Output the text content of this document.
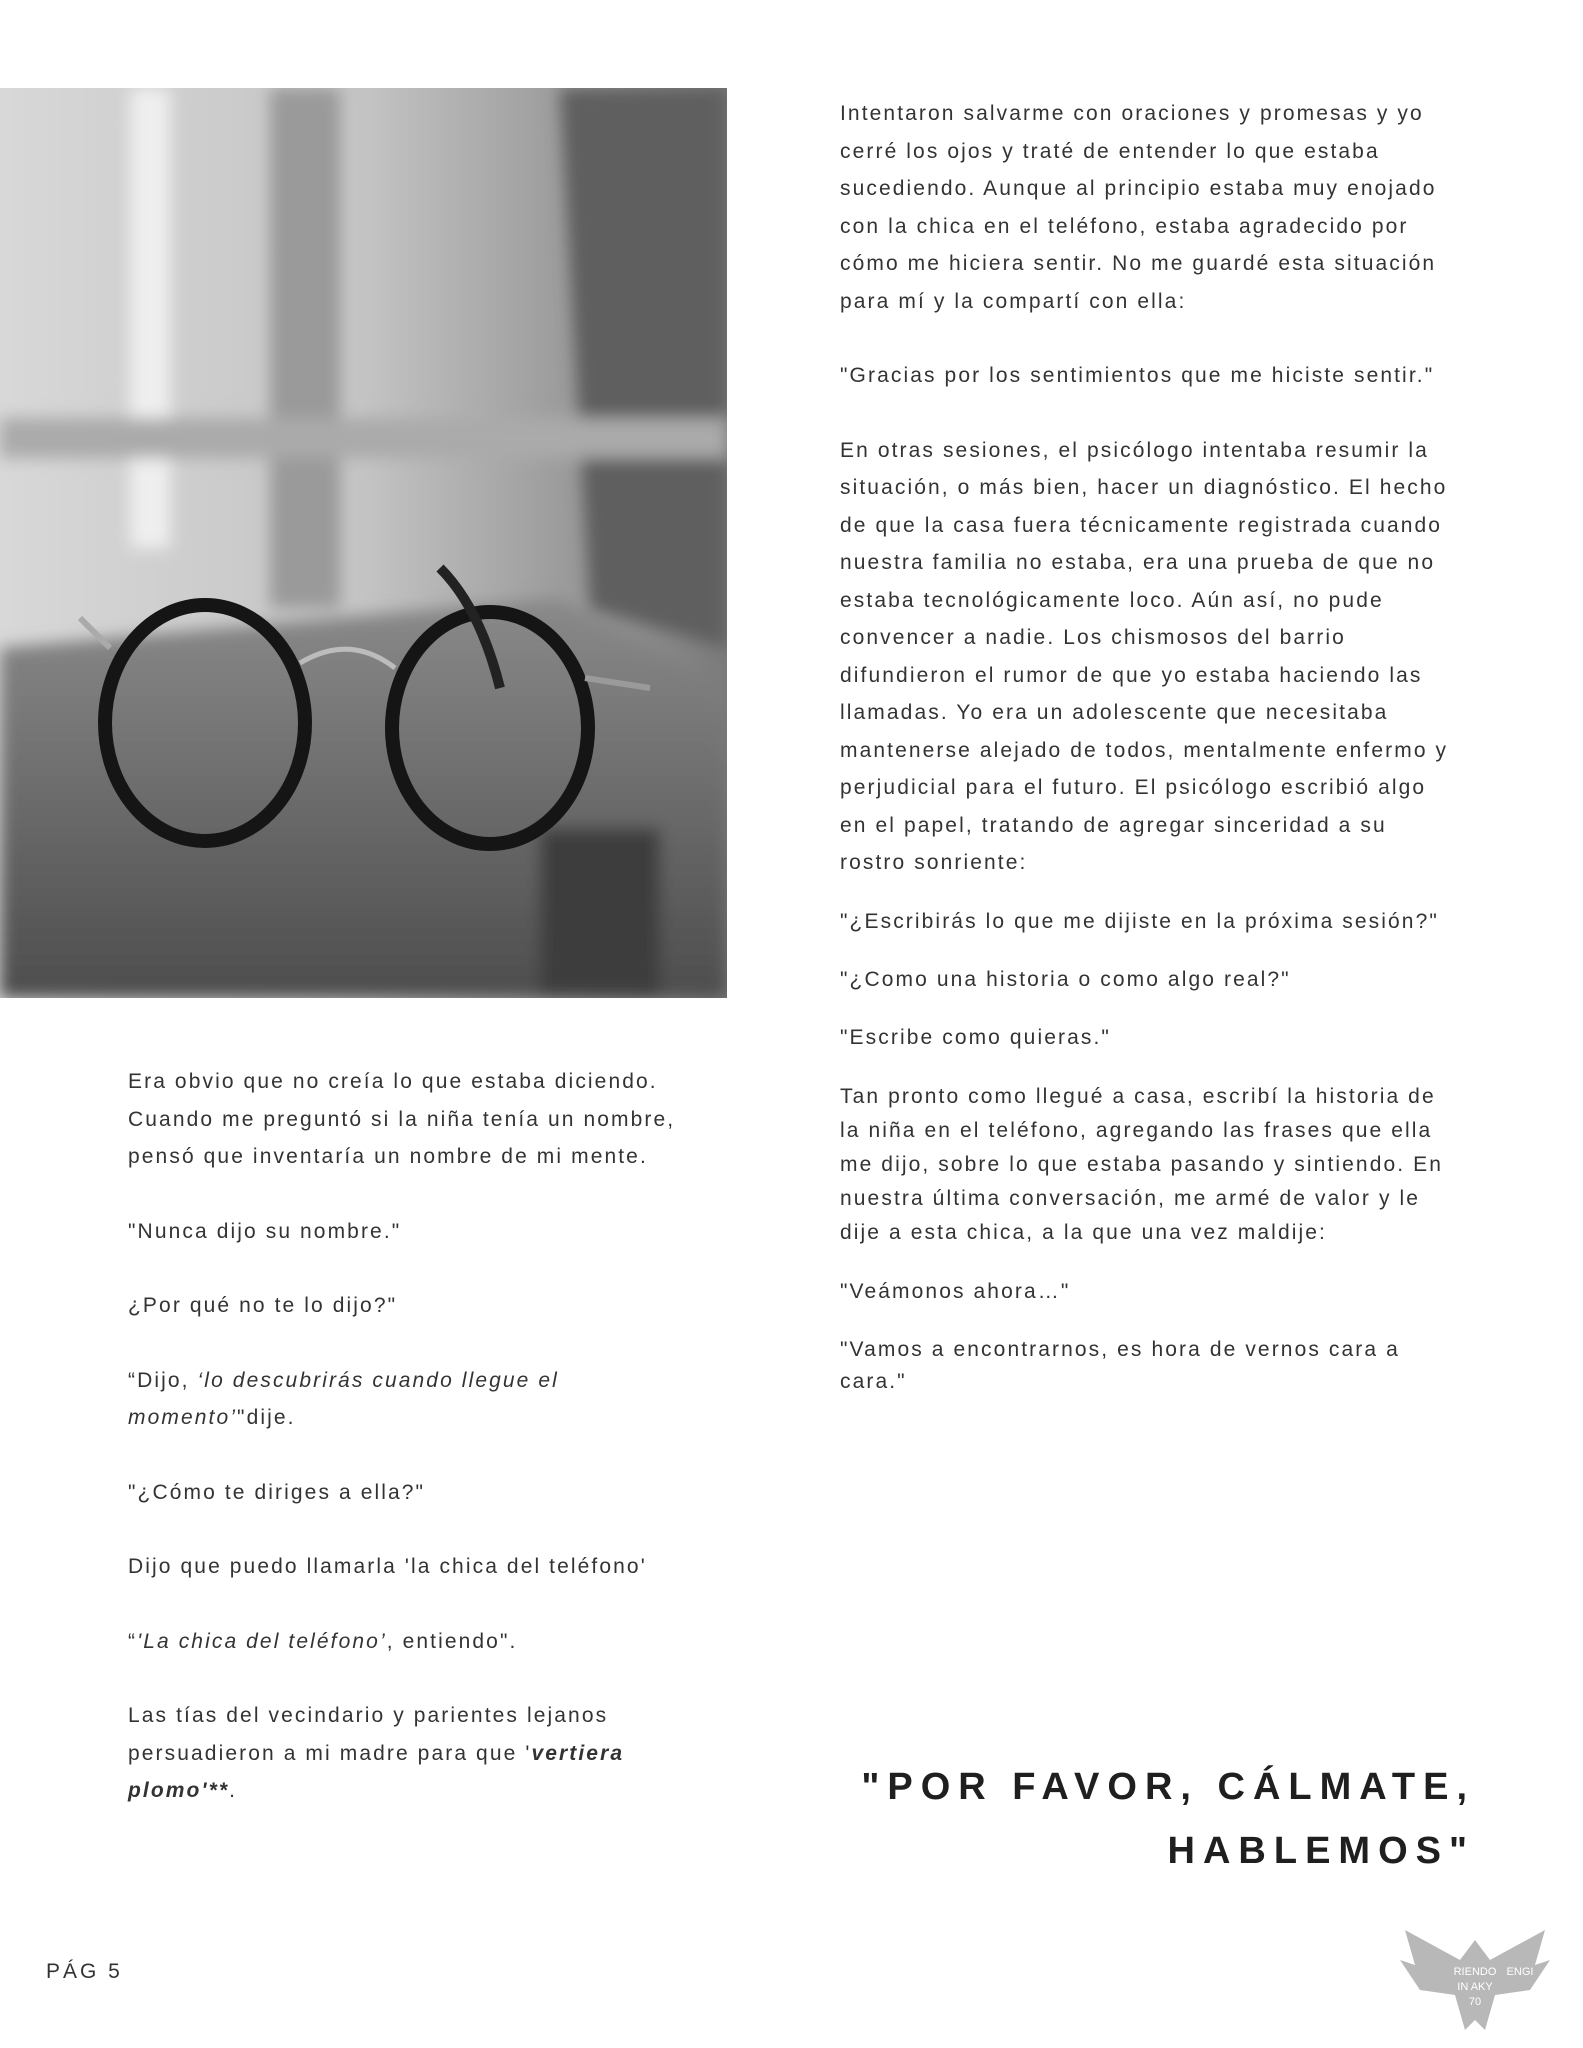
Intentaron salvarme con oraciones y promesas y yo cerré los ojos y traté de entender lo que estaba sucediendo. Aunque al principio estaba muy enojado con la chica en el teléfono, estaba agradecido por cómo me hiciera sentir. No me guardé esta situación para mí y la compartí con ella:

"Gracias por los sentimientos que me hiciste sentir."

En otras sesiones, el psicólogo intentaba resumir la situación, o más bien, hacer un diagnóstico. El hecho de que la casa fuera técnicamente registrada cuando nuestra familia no estaba, era una prueba de que no estaba tecnológicamente loco. Aún así, no pude convencer a nadie. Los chismosos del barrio difundieron el rumor de que yo estaba haciendo las llamadas. Yo era un adolescente que necesitaba mantenerse alejado de todos, mentalmente enfermo y perjudicial para el futuro. El psicólogo escribió algo en el papel, tratando de agregar sinceridad a su rostro sonriente:

"¿Escribirás lo que me dijiste en la próxima sesión?"

"¿Como una historia o como algo real?"

"Escribe como quieras."

Tan pronto como llegué a casa, escribí la historia de la niña en el teléfono, agregando las frases que ella me dijo, sobre lo que estaba pasando y sintiendo. En nuestra última conversación, me armé de valor y le dije a esta chica, a la que una vez maldije:

"Veámonos ahora…"

"Vamos a encontrarnos, es hora de vernos cara a cara."

Era obvio que no creía lo que estaba diciendo. Cuando me preguntó si la niña tenía un nombre, pensó que inventaría un nombre de mi mente.

"Nunca dijo su nombre."

¿Por qué no te lo dijo?"

“Dijo, ‘lo descubrirás cuando llegue el momento’"dije.

"¿Cómo te diriges a ella?"

Dijo que puedo llamarla 'la chica del teléfono'

“'La chica del teléfono’, entiendo".

Las tías del vecindario y parientes lejanos persuadieron a mi madre para que 'vertiera plomo'**.	"POR FAVOR, CÁLMATE, HABLEMOS"
PÁG 5	RIENDO ENGI
IN AKY
70
